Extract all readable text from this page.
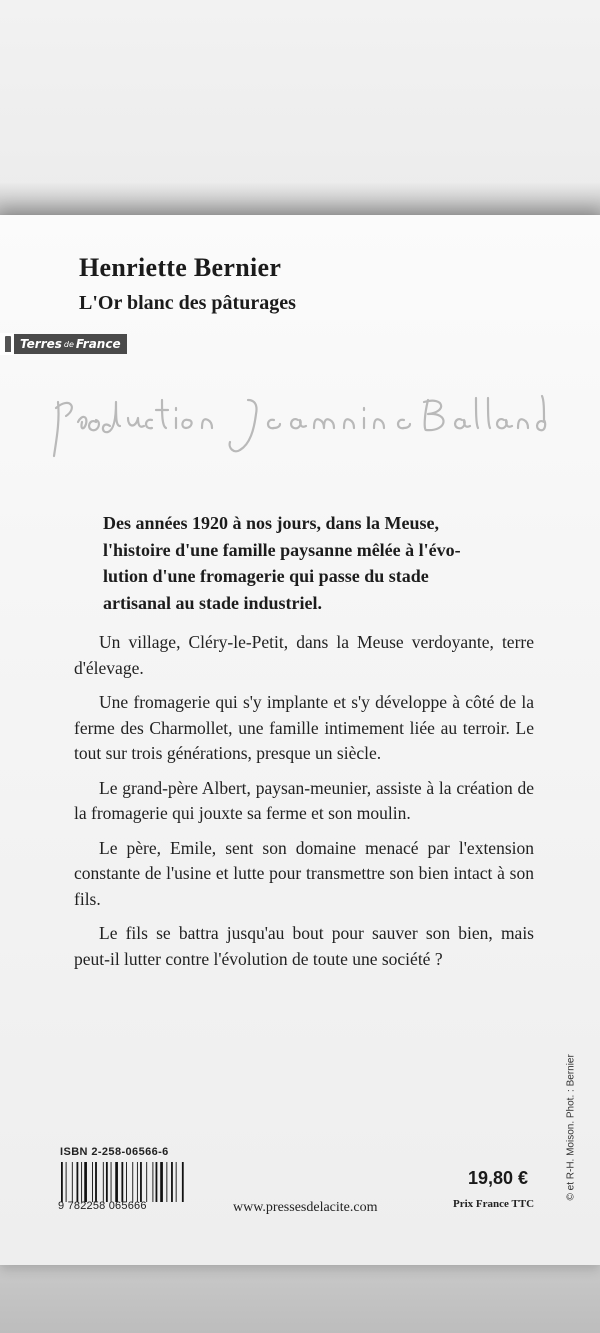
Henriette Bernier
L'Or blanc des pâturages
Terres de France

Des années 1920 à nos jours, dans la Meuse,
l'histoire d'une famille paysanne mêlée à l'évo-
lution d'une fromagerie qui passe du stade
artisanal au stade industriel.

Un village, Cléry-le-Petit, dans la Meuse verdoyante, terre d'élevage.

Une fromagerie qui s'y implante et s'y développe à côté de la ferme des Charmollet, une famille intimement liée au terroir. Le tout sur trois générations, presque un siècle.

Le grand-père Albert, paysan-meunier, assiste à la création de la fromagerie qui jouxte sa ferme et son moulin.

Le père, Emile, sent son domaine menacé par l'extension constante de l'usine et lutte pour transmettre son bien intact à son fils.

Le fils se battra jusqu'au bout pour sauver son bien, mais peut-il lutter contre l'évolution de toute une société ?

© et R-H. Moison. Phot. : Bernier
ISBN 2-258-06566-6
9 782258 065666	www.pressesdelacite.com
19,80 €
Prix France TTC
